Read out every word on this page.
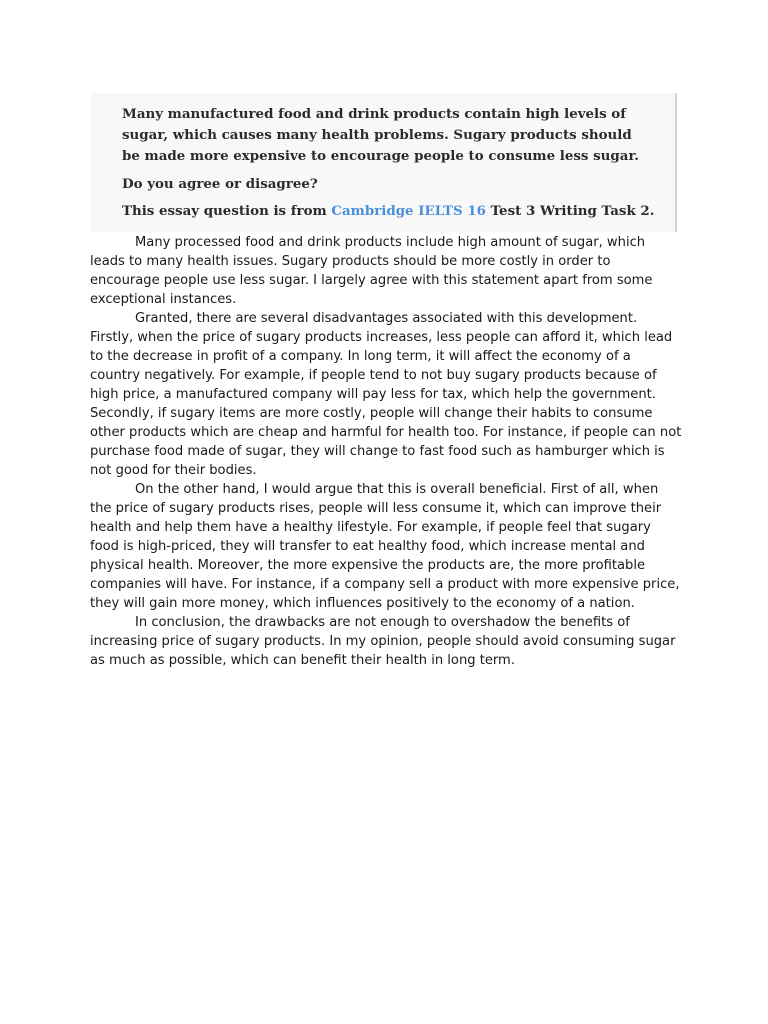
Many manufactured food and drink products contain high levels of sugar, which causes many health problems. Sugary products should be made more expensive to encourage people to consume less sugar.

Do you agree or disagree?

This essay question is from Cambridge IELTS 16 Test 3 Writing Task 2.

Many processed food and drink products include high amount of sugar, which leads to many health issues. Sugary products should be more costly in order to encourage people use less sugar. I largely agree with this statement apart from some exceptional instances.

Granted, there are several disadvantages associated with this development. Firstly, when the price of sugary products increases, less people can afford it, which lead to the decrease in profit of a company. In long term, it will affect the economy of a country negatively. For example, if people tend to not buy sugary products because of high price, a manufactured company will pay less for tax, which help the government. Secondly, if sugary items are more costly, people will change their habits to consume other products which are cheap and harmful for health too. For instance, if people can not purchase food made of sugar, they will change to fast food such as hamburger which is not good for their bodies.

On the other hand, I would argue that this is overall beneficial. First of all, when the price of sugary products rises, people will less consume it, which can improve their health and help them have a healthy lifestyle. For example, if people feel that sugary food is high-priced, they will transfer to eat healthy food, which increase mental and physical health. Moreover, the more expensive the products are, the more profitable companies will have. For instance, if a company sell a product with more expensive price, they will gain more money, which influences positively to the economy of a nation.

In conclusion, the drawbacks are not enough to overshadow the benefits of increasing price of sugary products. In my opinion, people should avoid consuming sugar as much as possible, which can benefit their health in long term.
